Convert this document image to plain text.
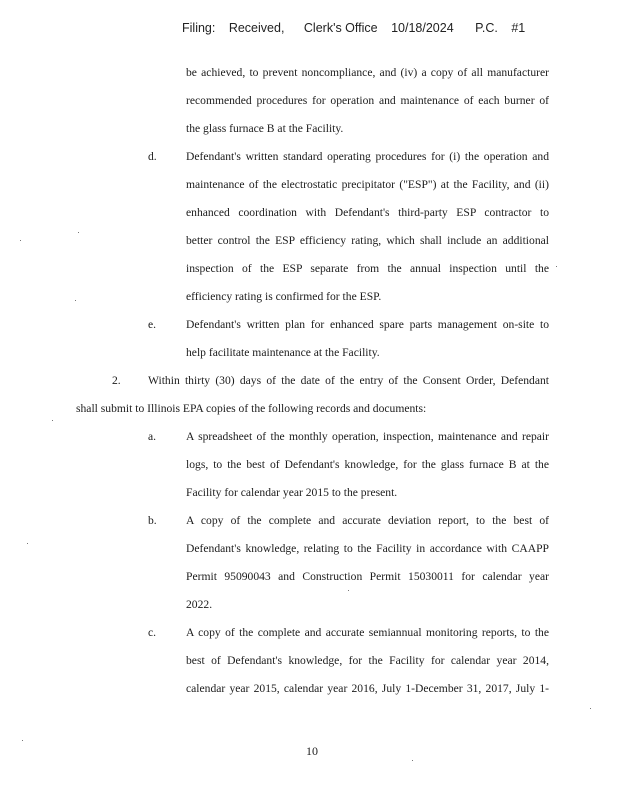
Filing: Received, Clerk's Office 10/18/2024 P.C. #1
be achieved, to prevent noncompliance, and (iv) a copy of all manufacturer
recommended procedures for operation and maintenance of each burner of
the glass furnace B at the Facility.
d.	Defendant's written standard operating procedures for (i) the operation and
maintenance of the electrostatic precipitator ("ESP") at the Facility, and (ii)
enhanced coordination with Defendant's third-party ESP contractor to
better control the ESP efficiency rating, which shall include an additional
inspection of the ESP separate from the annual inspection until the
efficiency rating is confirmed for the ESP.
e.	Defendant's written plan for enhanced spare parts management on-site to
help facilitate maintenance at the Facility.
2. Within thirty (30) days of the date of the entry of the Consent Order, Defendant
shall submit to Illinois EPA copies of the following records and documents:
a.	A spreadsheet of the monthly operation, inspection, maintenance and repair
logs, to the best of Defendant's knowledge, for the glass furnace B at the
Facility for calendar year 2015 to the present.
b.	A copy of the complete and accurate deviation report, to the best of
Defendant's knowledge, relating to the Facility in accordance with CAAPP
Permit 95090043 and Construction Permit 15030011 for calendar year
2022.
c.	A copy of the complete and accurate semiannual monitoring reports, to the
best of Defendant's knowledge, for the Facility for calendar year 2014,
calendar year 2015, calendar year 2016, July 1-December 31, 2017, July 1-
10
